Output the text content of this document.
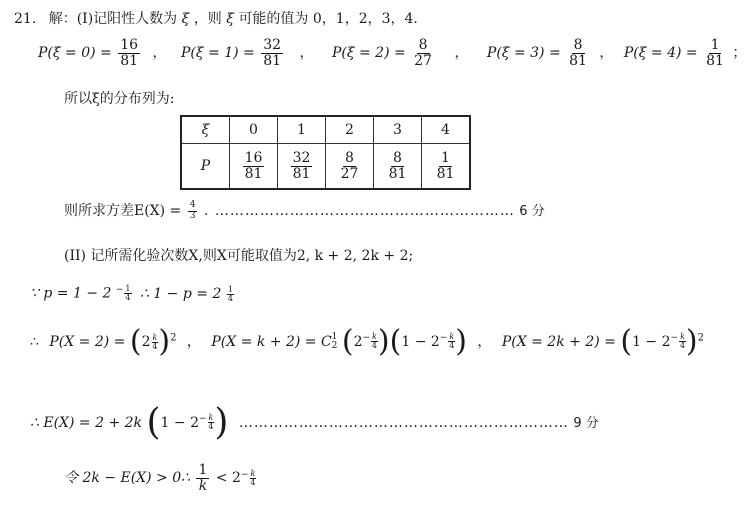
21. 解：(I)记阳性人数为 ξ ，则 ξ 可能的值为 0，1，2，3，4.
$P(\xi = 0) = \frac{16}{81}$ ， $P(\xi = 1) = \frac{32}{81}$ ， $P(\xi = 2) = \frac{8}{27}$ ， $P(\xi = 3) = \frac{8}{81}$ ， $P(\xi = 4) = \frac{1}{81}$ ；
所以ξ的分布列为:
ξ	0	1	2	3	4
P	$\frac{16}{81}$	$\frac{32}{81}$	$\frac{8}{27}$	$\frac{8}{81}$	$\frac{1}{81}$
则所求方差$E(X) = \frac{4}{3}$ . …………………………………………………… 6 分
(II) 记所需化验次数X,则X可能取值为2, k + 2, 2k + 2;
∵ $p = 1 - 2 - \frac{1}{4}$ ∴ $1 - p = 2 \frac{1}{4}$
∴ $P(X = 2) = (2 \frac{k}{4} )^2$ ， P(X = k + 2) = C 1
2 $(2- \frac{k}{4} )(1 - 2- \frac{k}{4}$ ) ， $P(X = 2k + 2) = (1 - 2- \frac{k}{4} )^2$
∴ E(X) = 2 + 2k ($1 - 2- \frac{k}{4}$ ) ………………………………………………………… 9 分
令 2k − E(X) > 0∴ $\frac{1}{k} < 2- \frac{k}{4}$
